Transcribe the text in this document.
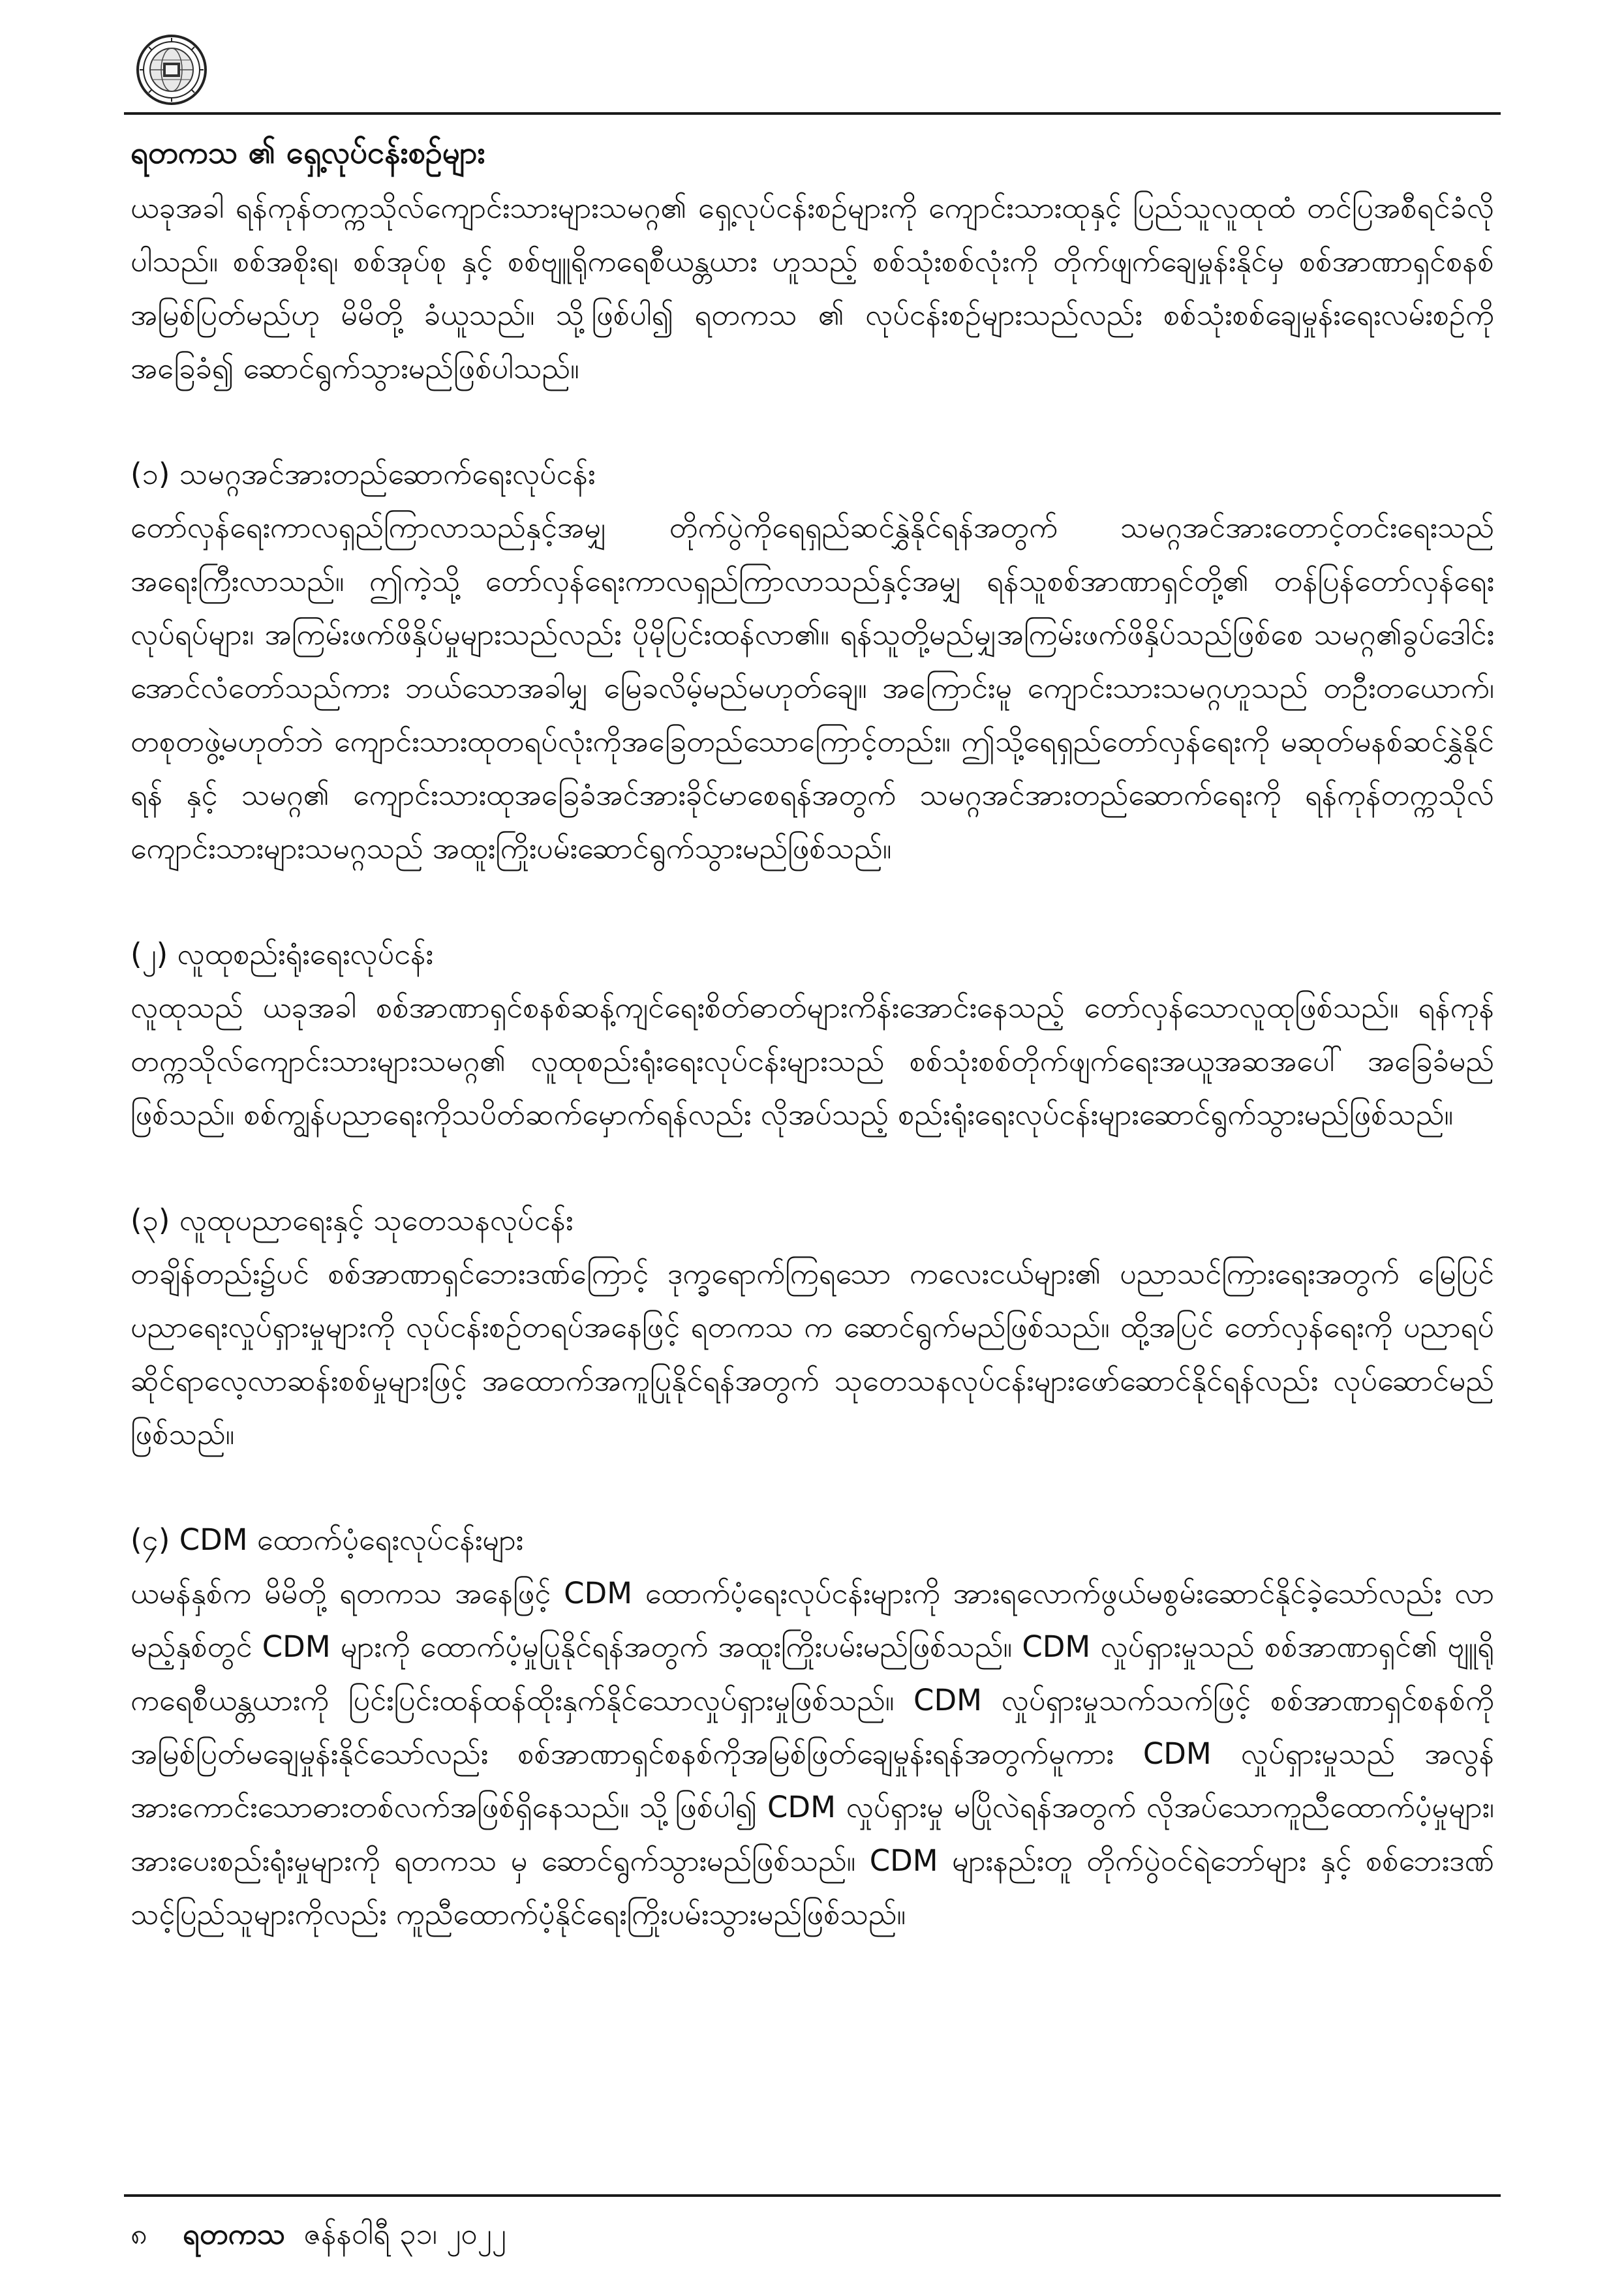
ရတကသ ၏ ရှေ့လုပ်ငန်းစဉ်များ

ယခုအခါ ရန်ကုန်တက္ကသိုလ်ကျောင်းသားများသမဂ္ဂ၏ ရှေ့လုပ်ငန်းစဉ်များကို ကျောင်းသားထုနှင့် ပြည်သူလူထုထံ တင်ပြအစီရင်ခံလိုပါသည်။ စစ်အစိုးရ၊ စစ်အုပ်စု နှင့် စစ်ဗျူရိုကရေစီယန္တယား ဟူသည့် စစ်သုံးစစ်လုံးကို တိုက်ဖျက်ချေမှုန်းနိုင်မှ စစ်အာဏာရှင်စနစ်အမြစ်ပြတ်မည်ဟု မိမိတို့ ခံယူသည်။ သို့ဖြစ်ပါ၍ ရတကသ ၏ လုပ်ငန်းစဉ်များသည်လည်း စစ်သုံးစစ်ချေမှုန်းရေးလမ်းစဉ်ကိုအခြေခံ၍ ဆောင်ရွက်သွားမည်ဖြစ်ပါသည်။

(၁) သမဂ္ဂအင်အားတည်ဆောက်ရေးလုပ်ငန်း

တော်လှန်ရေးကာလရှည်ကြာလာသည်နှင့်အမျှ တိုက်ပွဲကိုရေရှည်ဆင်နွှဲနိုင်ရန်အတွက် သမဂ္ဂအင်အားတောင့်တင်းရေးသည် အရေးကြီးလာသည်။ ဤကဲ့သို့ တော်လှန်ရေးကာလရှည်ကြာလာသည်နှင့်အမျှ ရန်သူစစ်အာဏာရှင်တို့၏ တန်ပြန်တော်လှန်ရေးလုပ်ရပ်များ၊ အကြမ်းဖက်ဖိနှိပ်မှုများသည်လည်း ပိုမိုပြင်းထန်လာ၏။ ရန်သူတို့မည်မျှအကြမ်းဖက်ဖိနှိပ်သည်ဖြစ်စေ သမဂ္ဂ၏ခွပ်ဒေါင်းအောင်လံတော်သည်ကား ဘယ်သောအခါမျှ မြေခလိမ့်မည်မဟုတ်ချေ။ အကြောင်းမူ ကျောင်းသားသမဂ္ဂဟူသည် တဦးတယောက်၊ တစုတဖွဲ့မဟုတ်ဘဲ ကျောင်းသားထုတရပ်လုံးကိုအခြေတည်သောကြောင့်တည်း။ ဤသို့ရေရှည်တော်လှန်ရေးကို မဆုတ်မနစ်ဆင်နွှဲနိုင်ရန် နှင့် သမဂ္ဂ၏ ကျောင်းသားထုအခြေခံအင်အားခိုင်မာစေရန်အတွက် သမဂ္ဂအင်အားတည်ဆောက်ရေးကို ရန်ကုန်တက္ကသိုလ်ကျောင်းသားများသမဂ္ဂသည် အထူးကြိုးပမ်းဆောင်ရွက်သွားမည်ဖြစ်သည်။

(၂) လူထုစည်းရုံးရေးလုပ်ငန်း

လူထုသည် ယခုအခါ စစ်အာဏာရှင်စနစ်ဆန့်ကျင်ရေးစိတ်ဓာတ်များကိန်းအောင်းနေသည့် တော်လှန်သောလူထုဖြစ်သည်။ ရန်ကုန်တက္ကသိုလ်ကျောင်းသားများသမဂ္ဂ၏ လူထုစည်းရုံးရေးလုပ်ငန်းများသည် စစ်သုံးစစ်တိုက်ဖျက်ရေးအယူအဆအပေါ် အခြေခံမည်ဖြစ်သည်။ စစ်ကျွန်ပညာရေးကိုသပိတ်ဆက်မှောက်ရန်လည်း လိုအပ်သည့် စည်းရုံးရေးလုပ်ငန်းများဆောင်ရွက်သွားမည်ဖြစ်သည်။

(၃) လူထုပညာရေးနှင့် သုတေသနလုပ်ငန်း

တချိန်တည်း၌ပင် စစ်အာဏာရှင်ဘေးဒဏ်ကြောင့် ဒုက္ခရောက်ကြရသော ကလေးငယ်များ၏ ပညာသင်ကြားရေးအတွက် မြေပြင်ပညာရေးလှုပ်ရှားမှုများကို လုပ်ငန်းစဉ်တရပ်အနေဖြင့် ရတကသ က ဆောင်ရွက်မည်ဖြစ်သည်။ ထို့အပြင် တော်လှန်ရေးကို ပညာရပ်ဆိုင်ရာလေ့လာဆန်းစစ်မှုများဖြင့် အထောက်အကူပြုနိုင်ရန်အတွက် သုတေသနလုပ်ငန်းများဖော်ဆောင်နိုင်ရန်လည်း လုပ်ဆောင်မည်ဖြစ်သည်။

(၄) CDM ထောက်ပံ့ရေးလုပ်ငန်းများ

ယမန်နှစ်က မိမိတို့ ရတကသ အနေဖြင့် CDM ထောက်ပံ့ရေးလုပ်ငန်းများကို အားရလောက်ဖွယ်မစွမ်းဆောင်နိုင်ခဲ့သော်လည်း လာမည့်နှစ်တွင် CDM များကို ထောက်ပံ့မှုပြုနိုင်ရန်အတွက် အထူးကြိုးပမ်းမည်ဖြစ်သည်။ CDM လှုပ်ရှားမှုသည် စစ်အာဏာရှင်၏ ဗျူရိုကရေစီယန္တယားကို ပြင်းပြင်းထန်ထန်ထိုးနှက်နိုင်သောလှုပ်ရှားမှုဖြစ်သည်။ CDM လှုပ်ရှားမှုသက်သက်ဖြင့် စစ်အာဏာရှင်စနစ်ကို အမြစ်ပြတ်မချေမှုန်းနိုင်သော်လည်း စစ်အာဏာရှင်စနစ်ကိုအမြစ်ဖြတ်ချေမှုန်းရန်အတွက်မူကား CDM လှုပ်ရှားမှုသည် အလွန်အားကောင်းသောဓားတစ်လက်အဖြစ်ရှိနေသည်။ သို့ဖြစ်ပါ၍ CDM လှုပ်ရှားမှု မပြိုလဲရန်အတွက် လိုအပ်သောကူညီထောက်ပံ့မှုများ၊ အားပေးစည်းရုံးမှုများကို ရတကသ မှ ဆောင်ရွက်သွားမည်ဖြစ်သည်။ CDM များနည်းတူ တိုက်ပွဲဝင်ရဲဘော်များ နှင့် စစ်ဘေးဒဏ်သင့်ပြည်သူများကိုလည်း ကူညီထောက်ပံ့နိုင်ရေးကြိုးပမ်းသွားမည်ဖြစ်သည်။

၈ ရတကသ ဇန်နဝါရီ ၃၁၊ ၂၀၂၂
